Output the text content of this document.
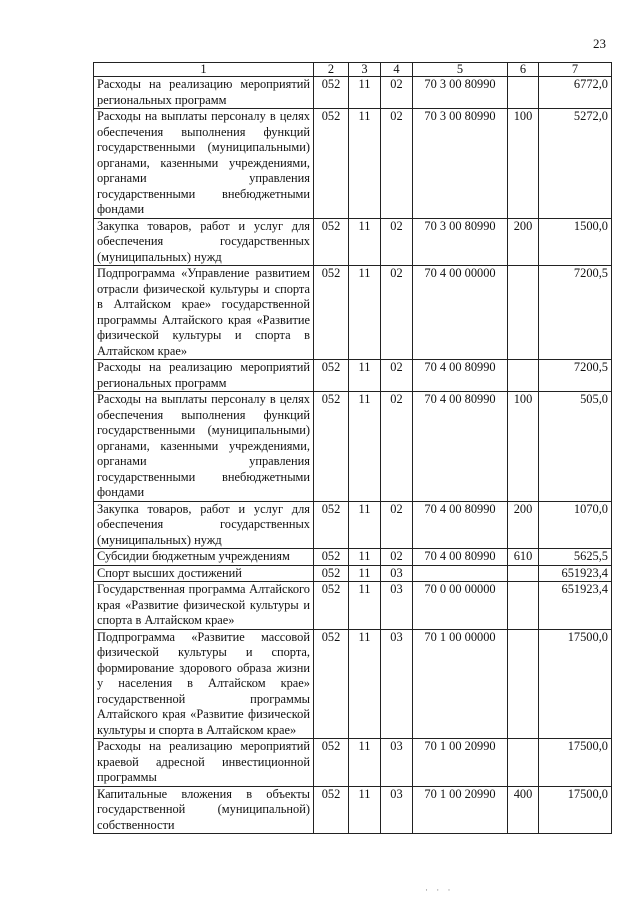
23
1	2	3	4	5	6	7
Расходы на реализацию мероприятий региональных программ	052	11	02	70 3 00 80990		6772,0
Расходы на выплаты персоналу в целях обеспечения выполнения функций государственными (муниципальными) органами, казенными учреждениями, органами управления государственными внебюджетными фондами	052	11	02	70 3 00 80990	100	5272,0
Закупка товаров, работ и услуг для обеспечения государственных (муниципальных) нужд	052	11	02	70 3 00 80990	200	1500,0
Подпрограмма «Управление развитием отрасли физической культуры и спорта в Алтайском крае» государственной программы Алтайского края «Развитие физической культуры и спорта в Алтайском крае»	052	11	02	70 4 00 00000		7200,5
Расходы на реализацию мероприятий региональных программ	052	11	02	70 4 00 80990		7200,5
Расходы на выплаты персоналу в целях обеспечения выполнения функций государственными (муниципальными) органами, казенными учреждениями, органами управления государственными внебюджетными фондами	052	11	02	70 4 00 80990	100	505,0
Закупка товаров, работ и услуг для обеспечения государственных (муниципальных) нужд	052	11	02	70 4 00 80990	200	1070,0
Субсидии бюджетным учреждениям	052	11	02	70 4 00 80990	610	5625,5
Спорт высших достижений	052	11	03			651923,4
Государственная программа Алтайского края «Развитие физической культуры и спорта в Алтайском крае»	052	11	03	70 0 00 00000		651923,4
Подпрограмма «Развитие массовой физической культуры и спорта, формирование здорового образа жизни у населения в Алтайском крае» государственной программы Алтайского края «Развитие физической культуры и спорта в Алтайском крае»	052	11	03	70 1 00 00000		17500,0
Расходы на реализацию мероприятий краевой адресной инвестиционной программы	052	11	03	70 1 00 20990		17500,0
Капитальные вложения в объекты государственной (муниципальной) собственности	052	11	03	70 1 00 20990	400	17500,0
· · ·
